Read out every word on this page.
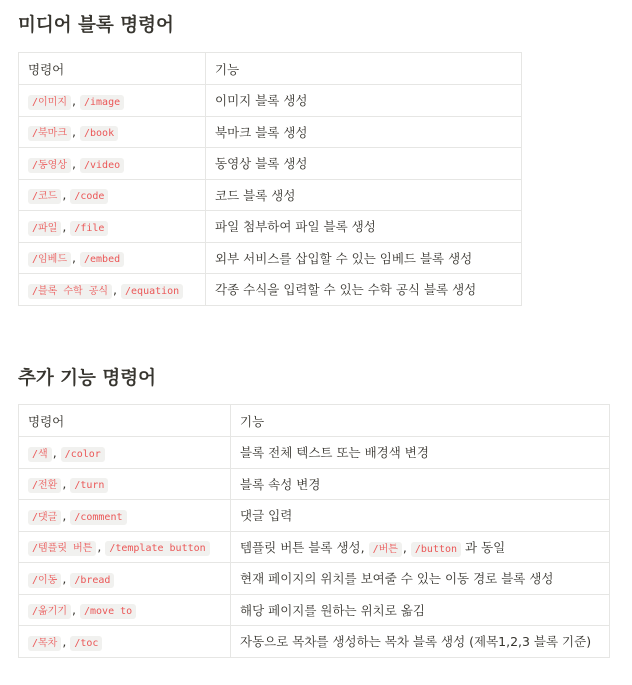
미디어 블록 명령어
명령어	기능
/이미지 , /image	이미지 블록 생성
/북마크 , /book	북마크 블록 생성
/동영상 , /video	동영상 블록 생성
/코드 , /code	코드 블록 생성
/파일 , /file	파일 첨부하여 파일 블록 생성
/임베드 , /embed	외부 서비스를 삽입할 수 있는 임베드 블록 생성
/블록 수학 공식 , /equation	각종 수식을 입력할 수 있는 수학 공식 블록 생성
추가 기능 명령어
명령어	기능
/색 , /color	블록 전체 텍스트 또는 배경색 변경
/전환 , /turn	블록 속성 변경
/댓글 , /comment	댓글 입력
/템플릿 버튼 , /template button	템플릿 버튼 블록 생성, /버튼 , /button 과 동일
/이동 , /bread	현재 페이지의 위치를 보여줄 수 있는 이동 경로 블록 생성
/옮기기 , /move to	해당 페이지를 원하는 위치로 옮김
/목차 , /toc	자동으로 목차를 생성하는 목차 블록 생성 (제목1,2,3 블록 기준)
